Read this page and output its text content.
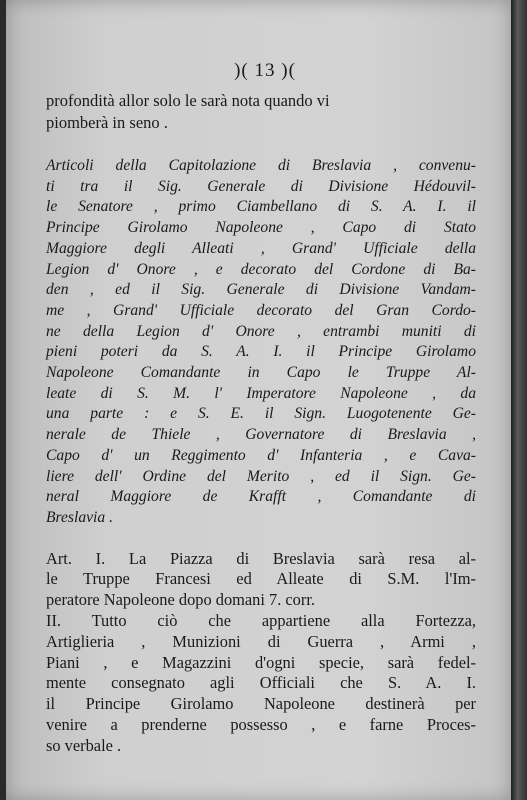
)( 13 )(
profondità allor solo le sarà nota quando vi
piomberà in seno .
Articoli della Capitolazione di Breslavia , convenu-
ti tra il Sig. Generale di Divisione Hédouvil-
le Senatore , primo Ciambellano di S. A. I. il
Principe Girolamo Napoleone , Capo di Stato
Maggiore degli Alleati , Grand' Ufficiale della
Legion d' Onore , e decorato del Cordone di Ba-
den , ed il Sig. Generale di Divisione Vandam-
me , Grand' Ufficiale decorato del Gran Cordo-
ne della Legion d' Onore , entrambi muniti di
pieni poteri da S. A. I. il Principe Girolamo
Napoleone Comandante in Capo le Truppe Al-
leate di S. M. l' Imperatore Napoleone , da
una parte : e S. E. il Sign. Luogotenente Ge-
nerale de Thiele , Governatore di Breslavia ,
Capo d' un Reggimento d' Infanteria , e Cava-
liere dell' Ordine del Merito , ed il Sign. Ge-
neral Maggiore de Krafft , Comandante di
Breslavia .
Art. I. La Piazza di Breslavia sarà resa al-
le Truppe Francesi ed Alleate di S.M. l'Im-
peratore Napoleone dopo domani 7. corr.
II. Tutto ciò che appartiene alla Fortezza,
Artiglieria , Munizioni di Guerra , Armi ,
Piani , e Magazzini d'ogni specie, sarà fedel-
mente consegnato agli Officiali che S. A. I.
il Principe Girolamo Napoleone destinerà per
venire a prenderne possesso , e farne Proces-
so verbale .
